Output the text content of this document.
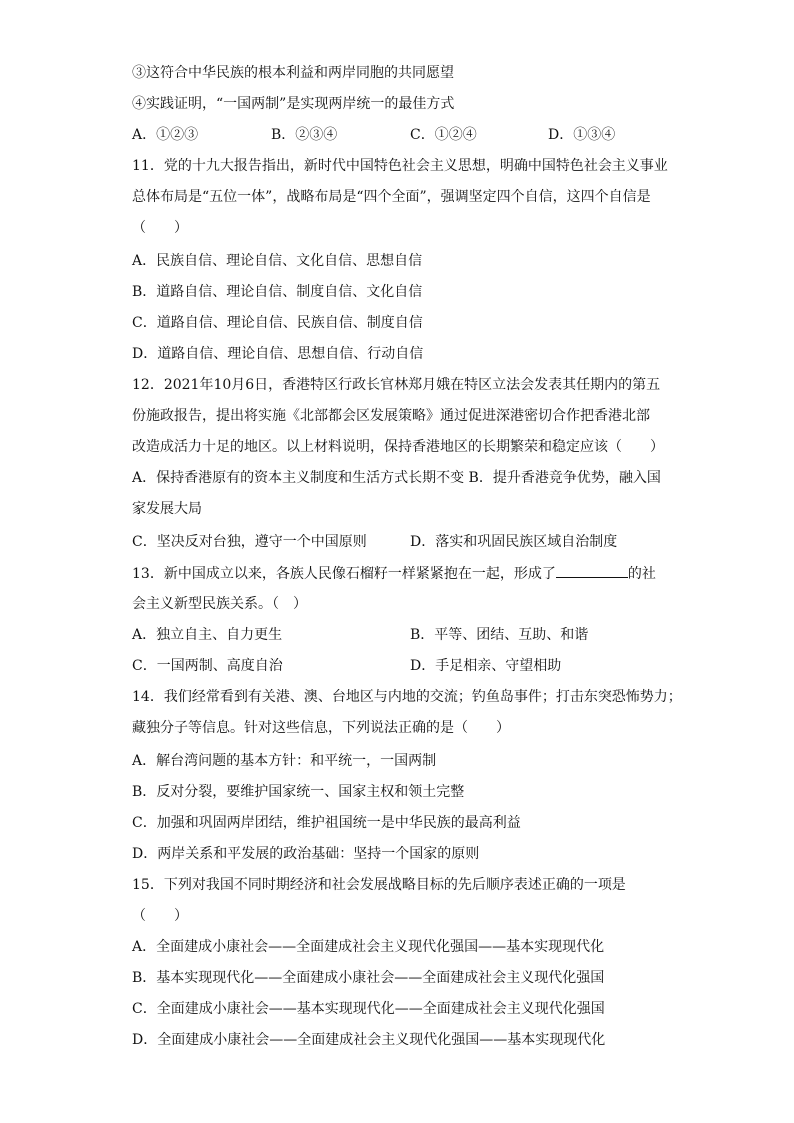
③这符合中华民族的根本利益和两岸同胞的共同愿望
④实践证明，“一国两制”是实现两岸统一的最佳方式
A．①②③	B．②③④	C．①②④	D．①③④
11．党的十九大报告指出，新时代中国特色社会主义思想，明确中国特色社会主义事业
总体布局是“五位一体”，战略布局是“四个全面”，强调坚定四个自信，这四个自信是
（　　）
A．民族自信、理论自信、文化自信、思想自信
B．道路自信、理论自信、制度自信、文化自信
C．道路自信、理论自信、民族自信、制度自信
D．道路自信、理论自信、思想自信、行动自信
12．2021年10月6日，香港特区行政长官林郑月娥在特区立法会发表其任期内的第五
份施政报告，提出将实施《北部都会区发展策略》通过促进深港密切合作把香港北部
改造成活力十足的地区。以上材料说明，保持香港地区的长期繁荣和稳定应该（　　）
A．保持香港原有的资本主义制度和生活方式长期不变 B．提升香港竞争优势，融入国
家发展大局
C．坚决反对台独，遵守一个中国原则	D．落实和巩固民族区域自治制度
13．新中国成立以来，各族人民像石榴籽一样紧紧抱在一起，形成了	的社
会主义新型民族关系。（　）
A．独立自主、自力更生	B．平等、团结、互助、和谐
C．一国两制、高度自治	D．手足相亲、守望相助
14．我们经常看到有关港、澳、台地区与内地的交流；钓鱼岛事件；打击东突恐怖势力；
藏独分子等信息。针对这些信息，下列说法正确的是（　　）
A．解台湾问题的基本方针：和平统一，一国两制
B．反对分裂，要维护国家统一、国家主权和领土完整
C．加强和巩固两岸团结，维护祖国统一是中华民族的最高利益
D．两岸关系和平发展的政治基础：坚持一个国家的原则
15．下列对我国不同时期经济和社会发展战略目标的先后顺序表述正确的一项是
（　　）
A．全面建成小康社会——全面建成社会主义现代化强国——基本实现现代化
B．基本实现现代化——全面建成小康社会——全面建成社会主义现代化强国
C．全面建成小康社会——基本实现现代化——全面建成社会主义现代化强国
D．全面建成小康社会——全面建成社会主义现代化强国——基本实现现代化
